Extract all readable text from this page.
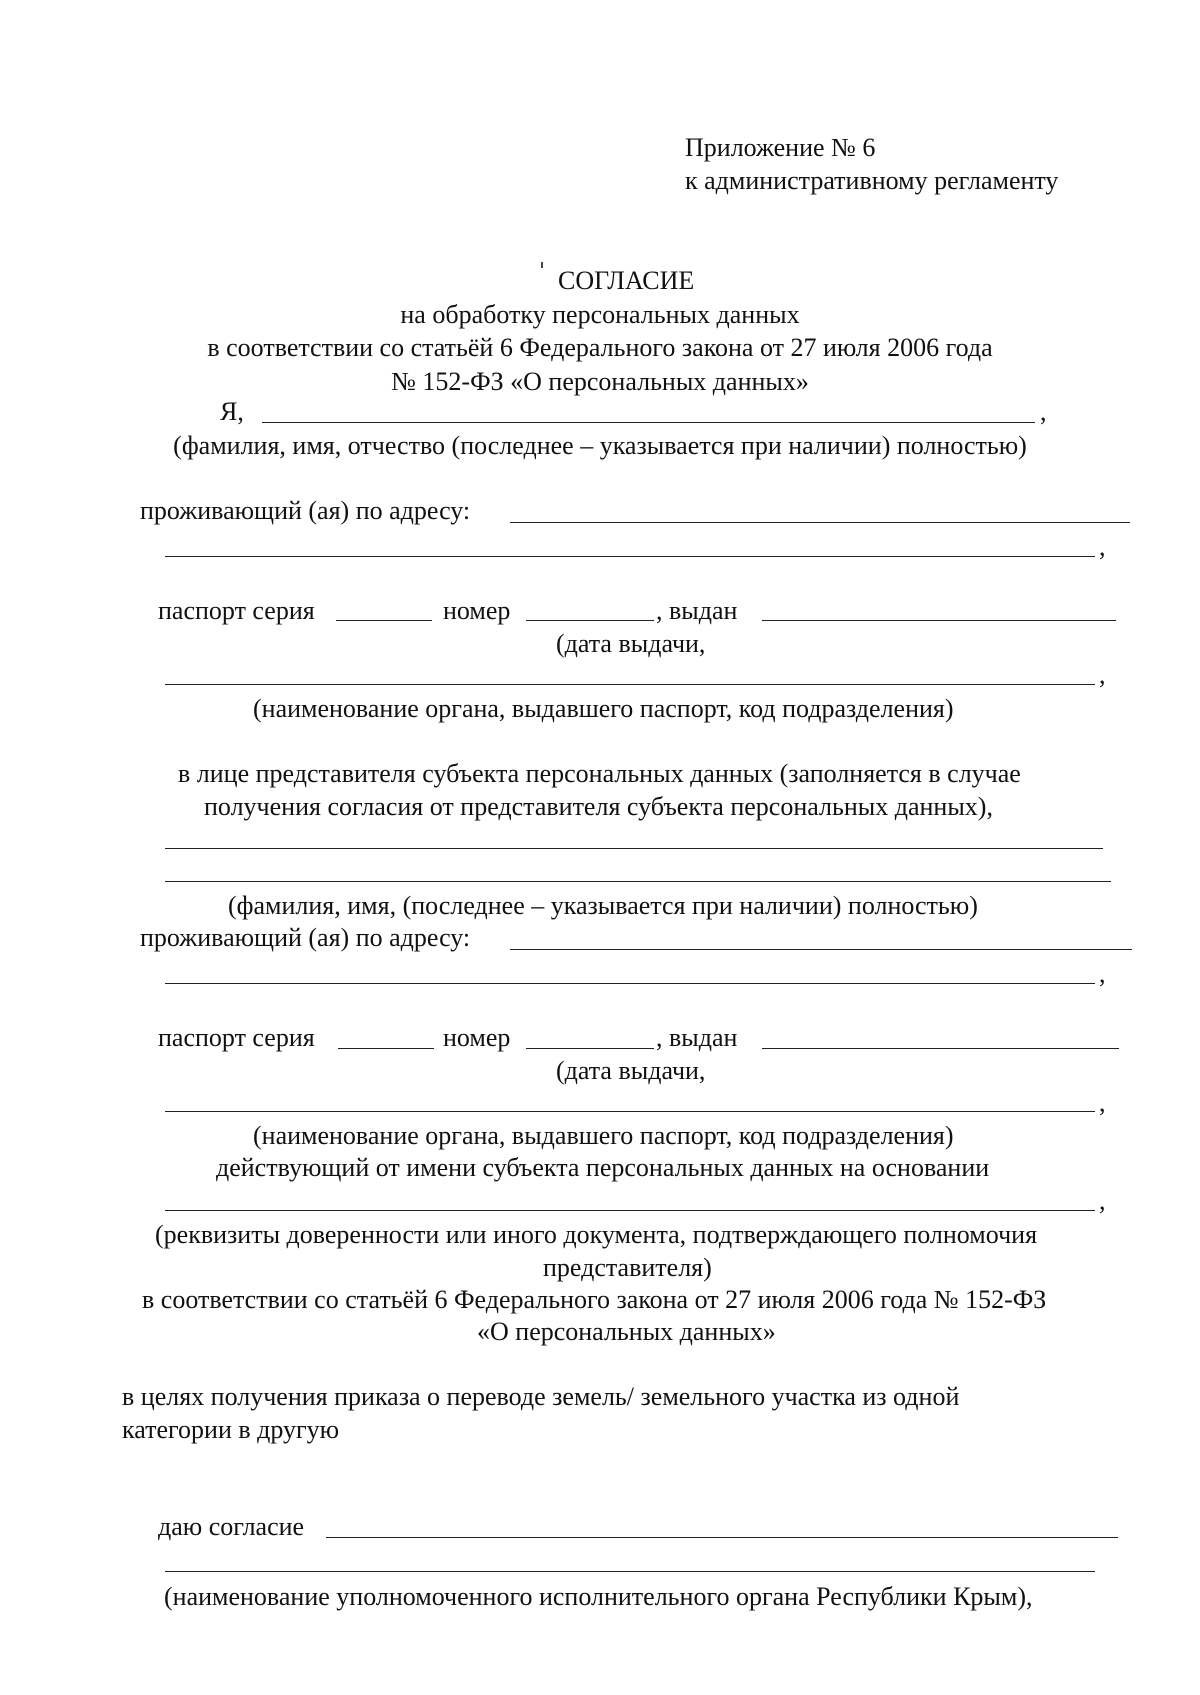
Приложение № 6
к административному регламенту
СОГЛАСИЕ
на обработку персональных данных
в соответствии со статьёй 6 Федерального закона от 27 июля 2006 года
№ 152-ФЗ «О персональных данных»
Я,	,
(фамилия, имя, отчество (последнее – указывается при наличии) полностью)
проживающий (ая) по адресу:
,
паспорт серия	номер	, выдан
(дата выдачи,
,
(наименование органа, выдавшего паспорт, код подразделения)
в лице представителя субъекта персональных данных (заполняется в случае
получения согласия от представителя субъекта персональных данных),
(фамилия, имя, (последнее – указывается при наличии) полностью)
проживающий (ая) по адресу:
,
паспорт серия	номер	, выдан
(дата выдачи,
,
(наименование органа, выдавшего паспорт, код подразделения)
действующий от имени субъекта персональных данных на основании
,
(реквизиты доверенности или иного документа, подтверждающего полномочия
представителя)
в соответствии со статьёй 6 Федерального закона от 27 июля 2006 года № 152-ФЗ
«О персональных данных»
в целях получения приказа о переводе земель/ земельного участка из одной
категории в другую
даю согласие
(наименование уполномоченного исполнительного органа Республики Крым),
